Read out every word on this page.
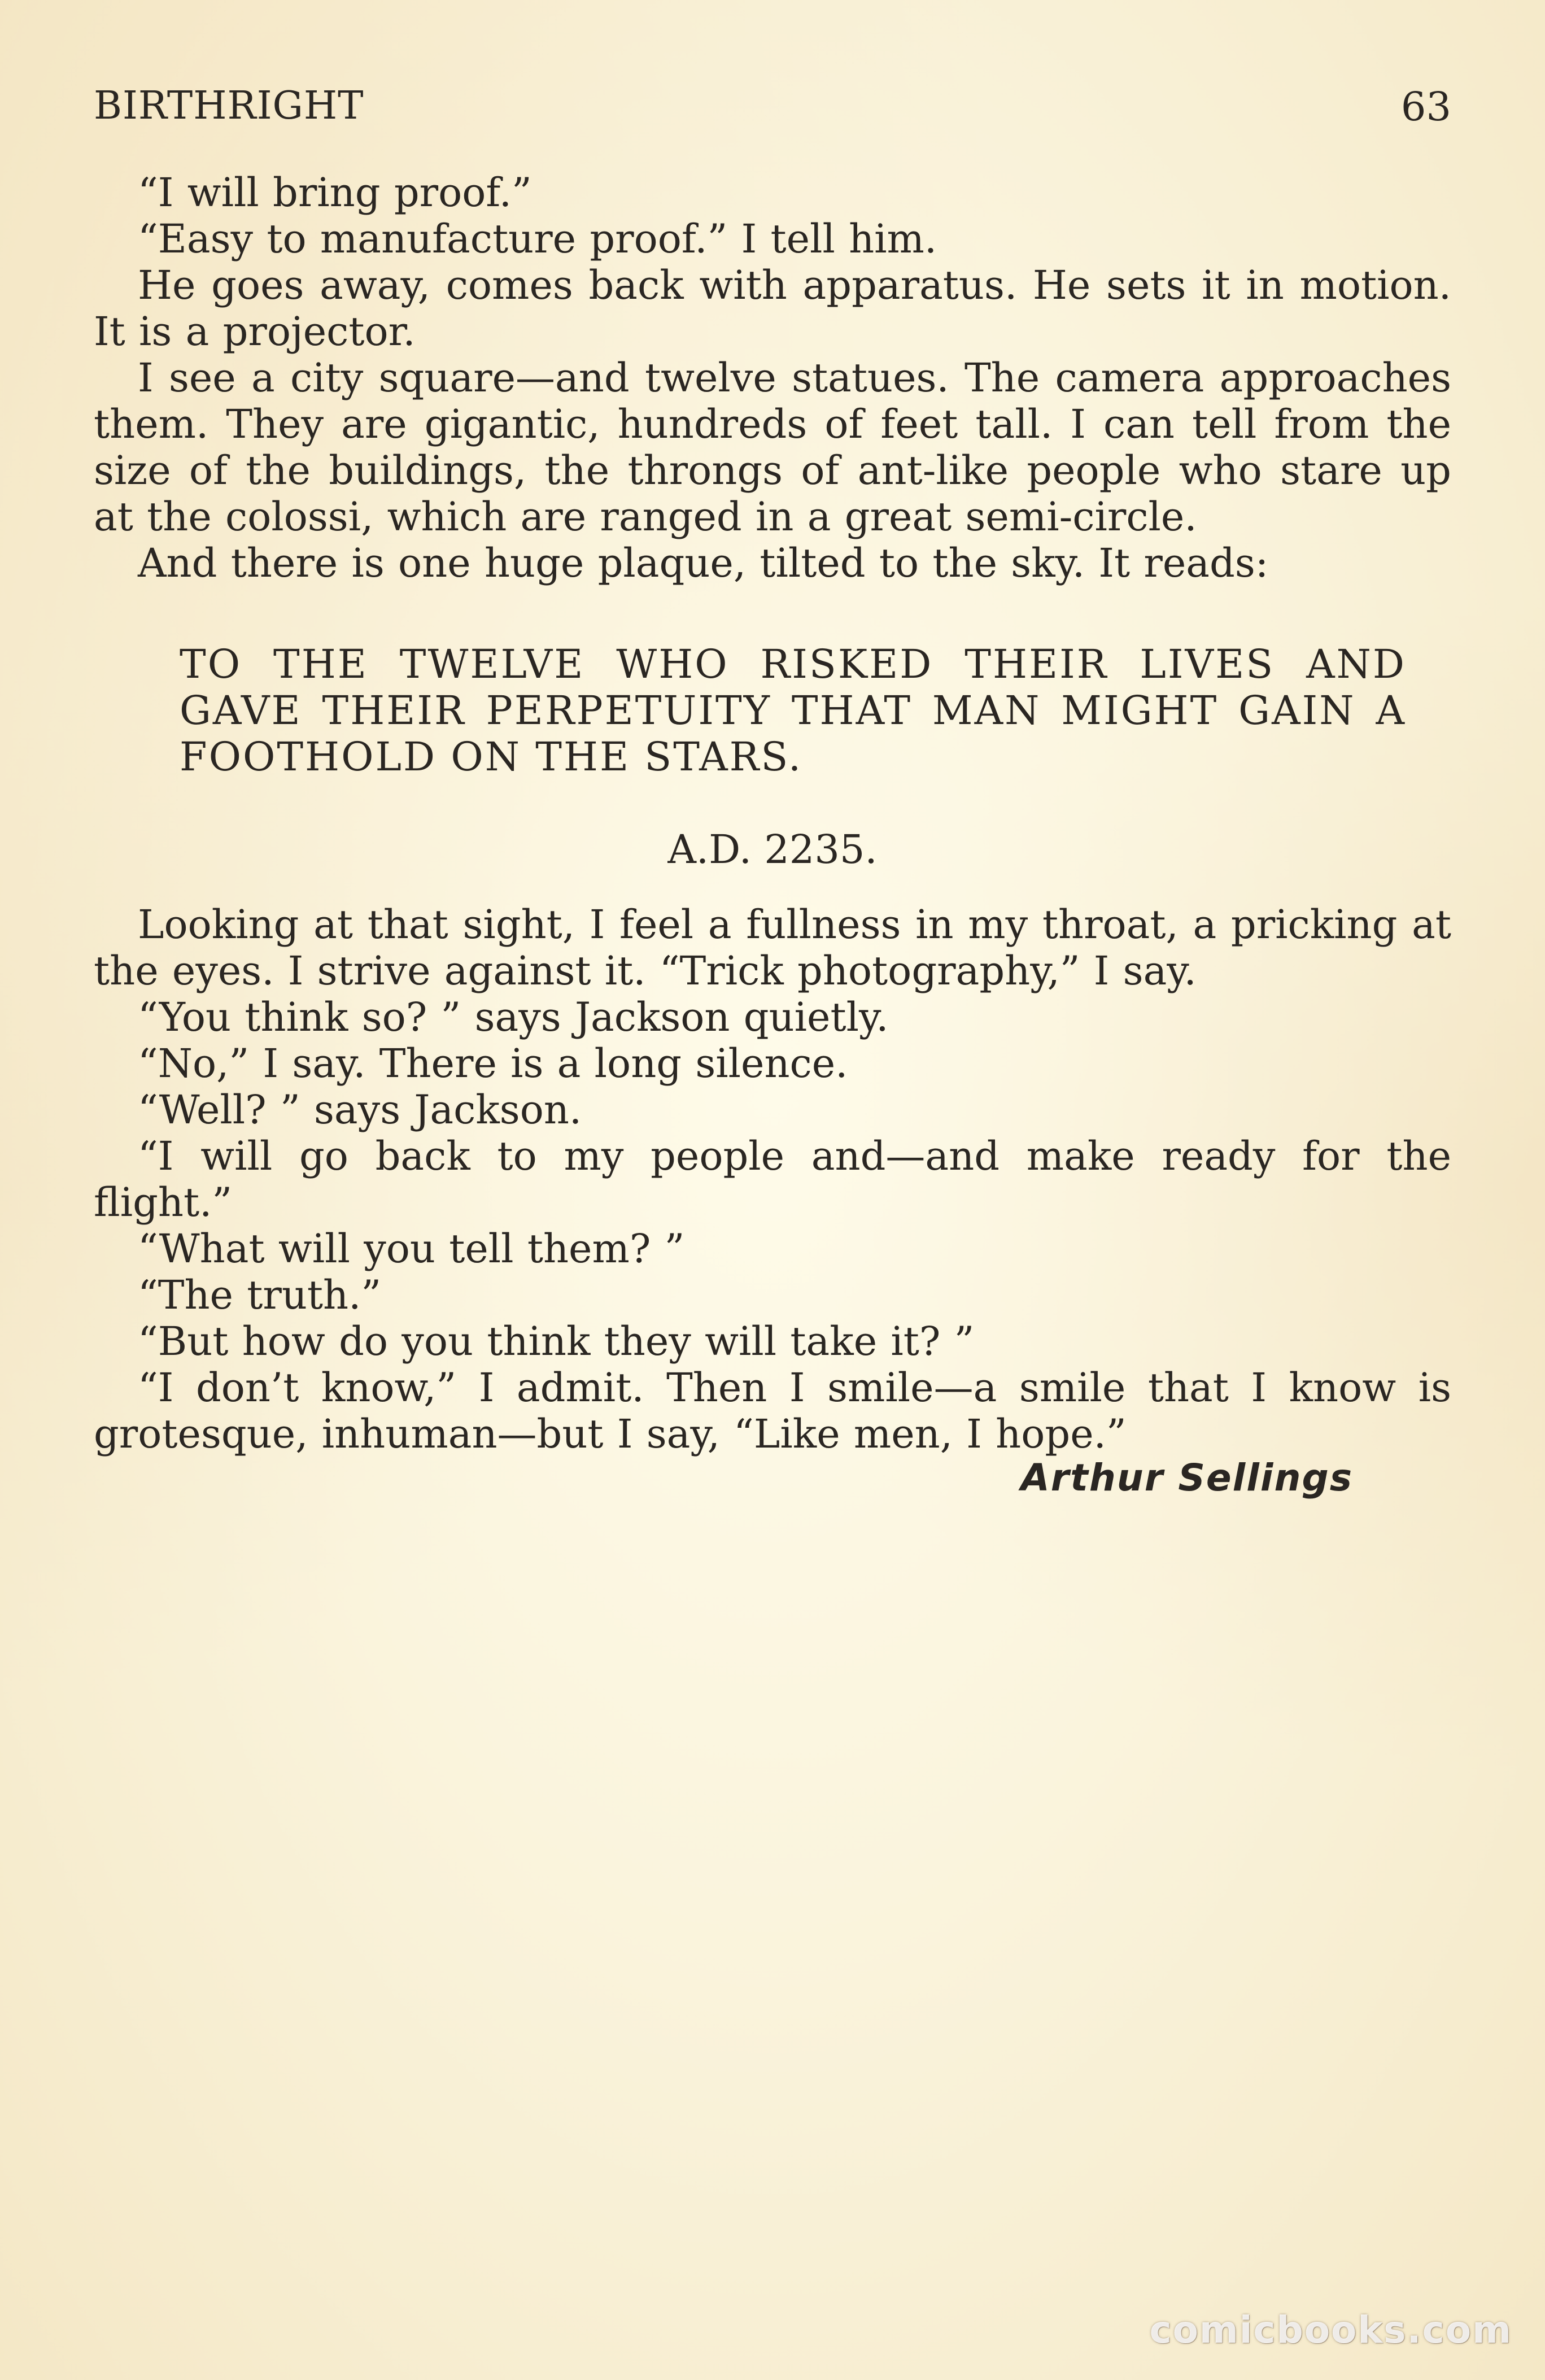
BIRTHRIGHT	63

“I will bring proof.”

“Easy to manufacture proof.” I tell him.

He goes away, comes back with apparatus. He sets it in motion. It is a projector.

I see a city square—and twelve statues. The camera approaches them. They are gigantic, hundreds of feet tall. I can tell from the size of the buildings, the throngs of ant-like people who stare up at the colossi, which are ranged in a great semi-circle.

And there is one huge plaque, tilted to the sky. It reads:

TO THE TWELVE WHO RISKED THEIR LIVES AND GAVE THEIR PERPETUITY THAT MAN MIGHT GAIN A FOOTHOLD ON THE STARS.
A.D. 2235.

Looking at that sight, I feel a fullness in my throat, a pricking at the eyes. I strive against it. “Trick photography,” I say.

“You think so? ” says Jackson quietly.

“No,” I say. There is a long silence.

“Well? ” says Jackson.

“I will go back to my people and—and make ready for the flight.”

“What will you tell them? ”

“The truth.”

“But how do you think they will take it? ”

“I don’t know,” I admit. Then I smile—a smile that I know is grotesque, inhuman—but I say, “Like men, I hope.”

Arthur Sellings
comicbooks.com
